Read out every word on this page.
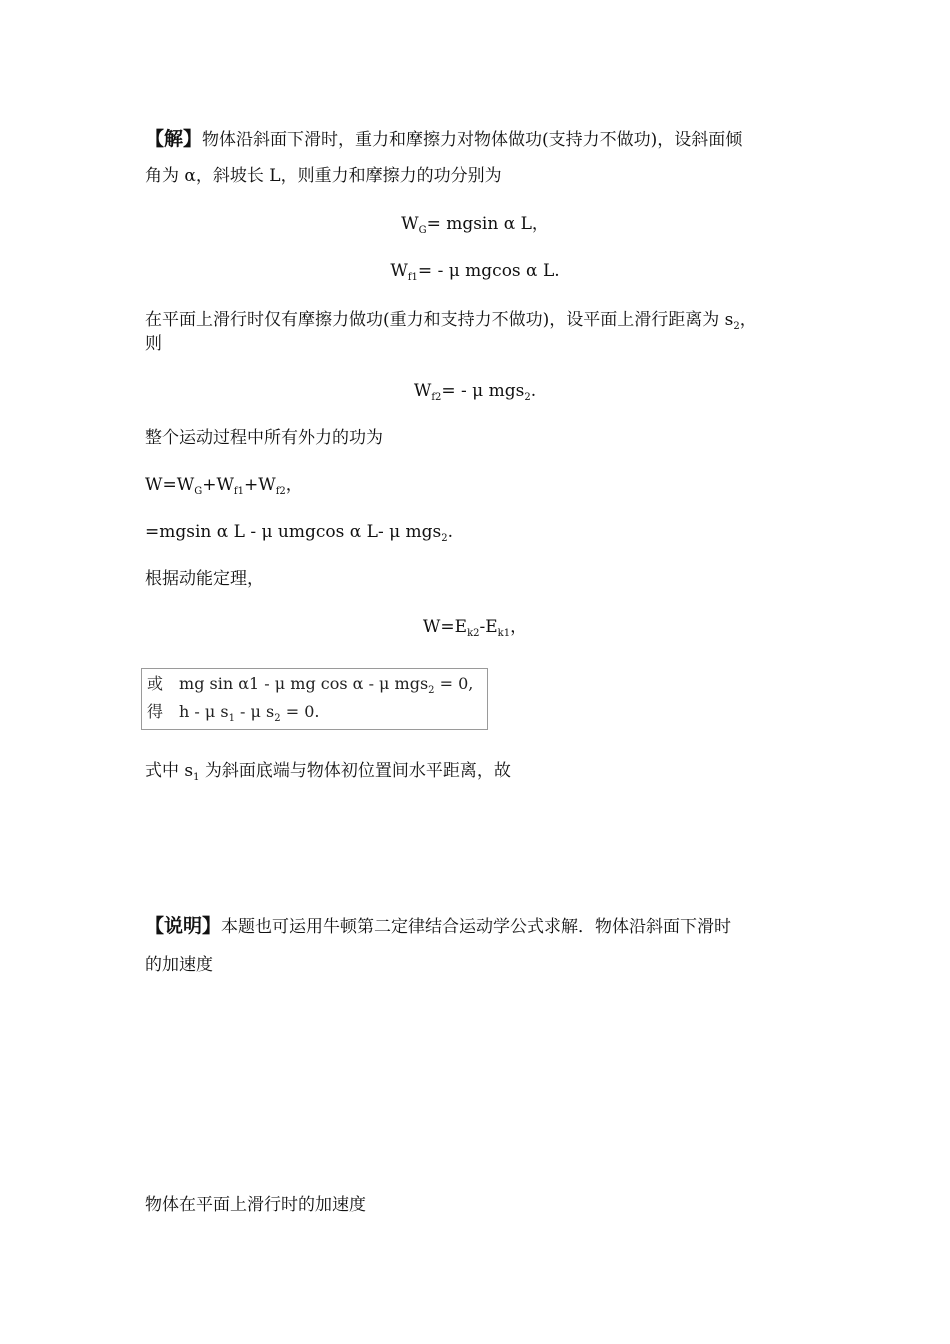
【解】物体沿斜面下滑时，重力和摩擦力对物体做功(支持力不做功)，设斜面倾
角为 α，斜坡长 L，则重力和摩擦力的功分别为
$W_G= mgsin$ α L，
$W_{f1}= - \mu$ mgcos α L.
在平面上滑行时仅有摩擦力做功(重力和支持力不做功)，设平面上滑行距离为 $s_2$，
则
$W_{f2}= - \mu$ mgs$_2$.
整个运动过程中所有外力的功为
$W=W_G+W_{f1}+W_{f2}$，
=mgsin α L - μ umgcos α L- μ mgs$_2$.
根据动能定理，
$W=E_{k2}-E_{k1}$，
或 mg sin α1 - μ mg cos α - μ mgs$_2$ = 0,
得 h - μ $s_1$ - μ $s_2 = 0$.
式中 $s_1$ 为斜面底端与物体初位置间水平距离，故
【说明】本题也可运用牛顿第二定律结合运动学公式求解．物体沿斜面下滑时
的加速度
物体在平面上滑行时的加速度
